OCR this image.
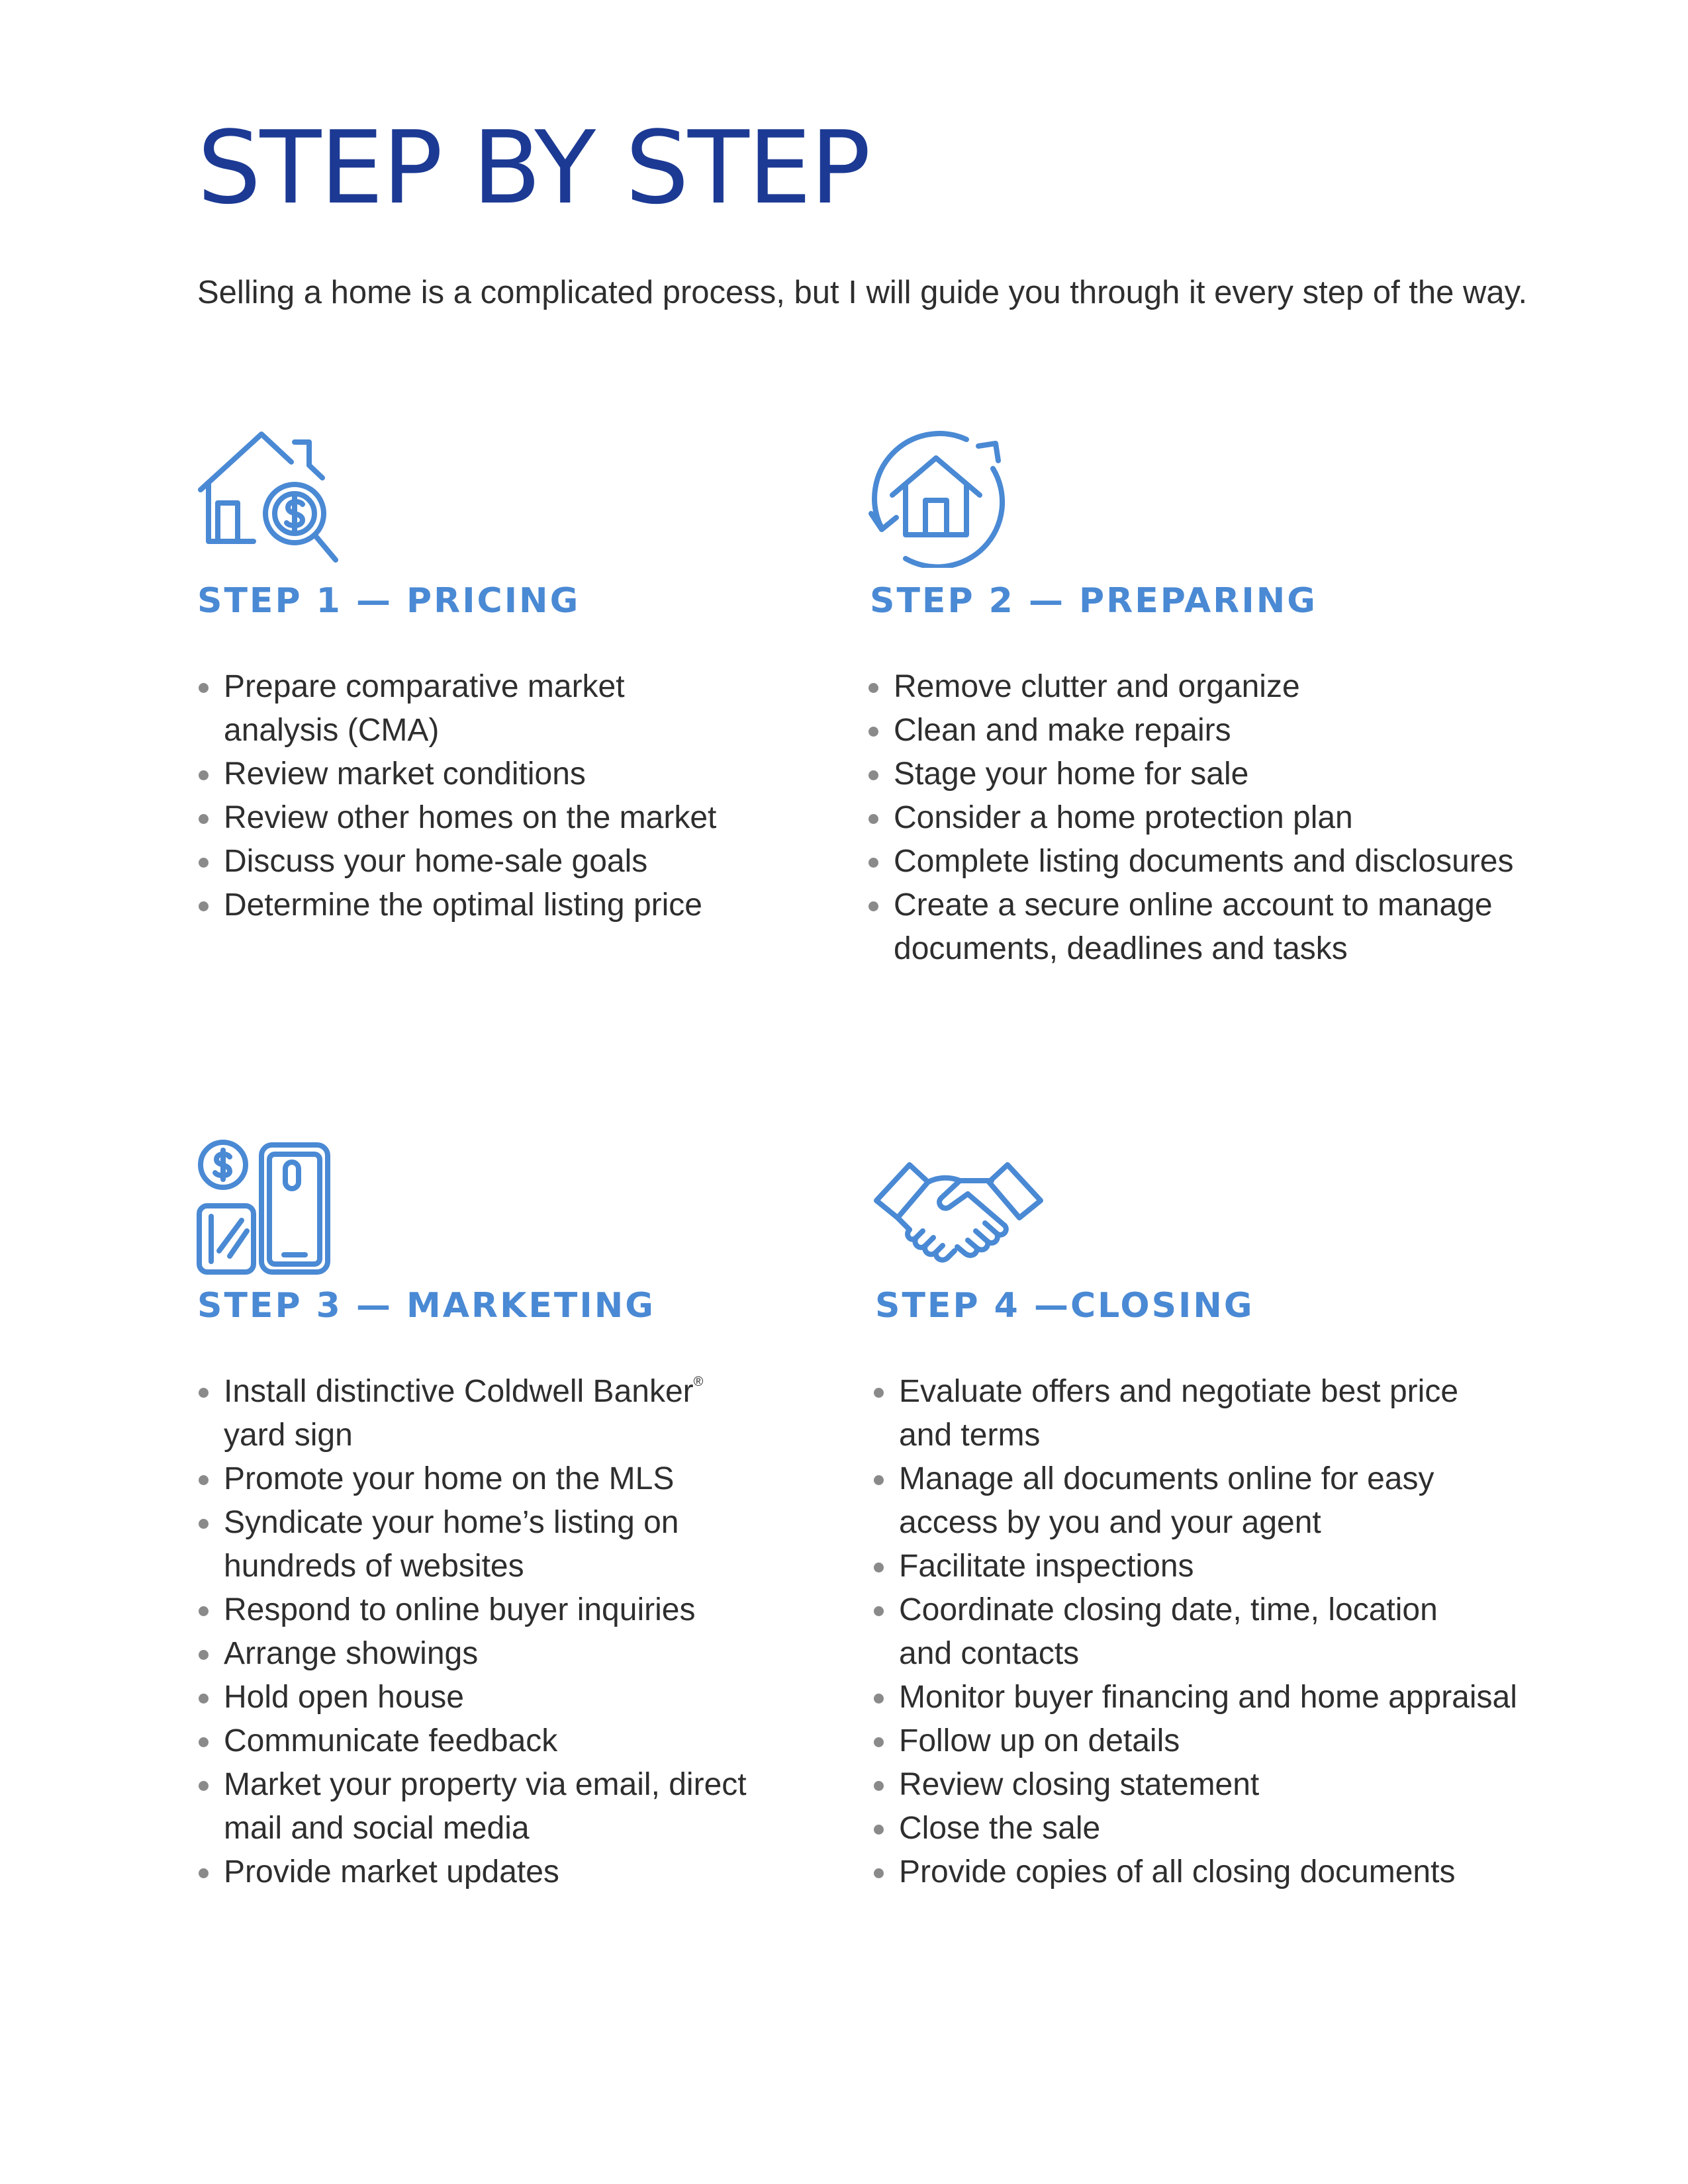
STEP BY STEP

Selling a home is a complicated process, but I will guide you through it every step of the way.

STEP 1 — PRICING
Prepare comparative market
analysis (CMA)
Review market conditions
Review other homes on the market
Discuss your home-sale goals
Determine the optimal listing price
STEP 2 — PREPARING
Remove clutter and organize
Clean and make repairs
Stage your home for sale
Consider a home protection plan
Complete listing documents and disclosures
Create a secure online account to manage
documents, deadlines and tasks
STEP 3 — MARKETING
Install distinctive Coldwell Banker®
yard sign
Promote your home on the MLS
Syndicate your home’s listing on
hundreds of websites
Respond to online buyer inquiries
Arrange showings
Hold open house
Communicate feedback
Market your property via email, direct
mail and social media
Provide market updates
STEP 4 —CLOSING
Evaluate offers and negotiate best price
and terms
Manage all documents online for easy
access by you and your agent
Facilitate inspections
Coordinate closing date, time, location
and contacts
Monitor buyer financing and home appraisal
Follow up on details
Review closing statement
Close the sale
Provide copies of all closing documents
